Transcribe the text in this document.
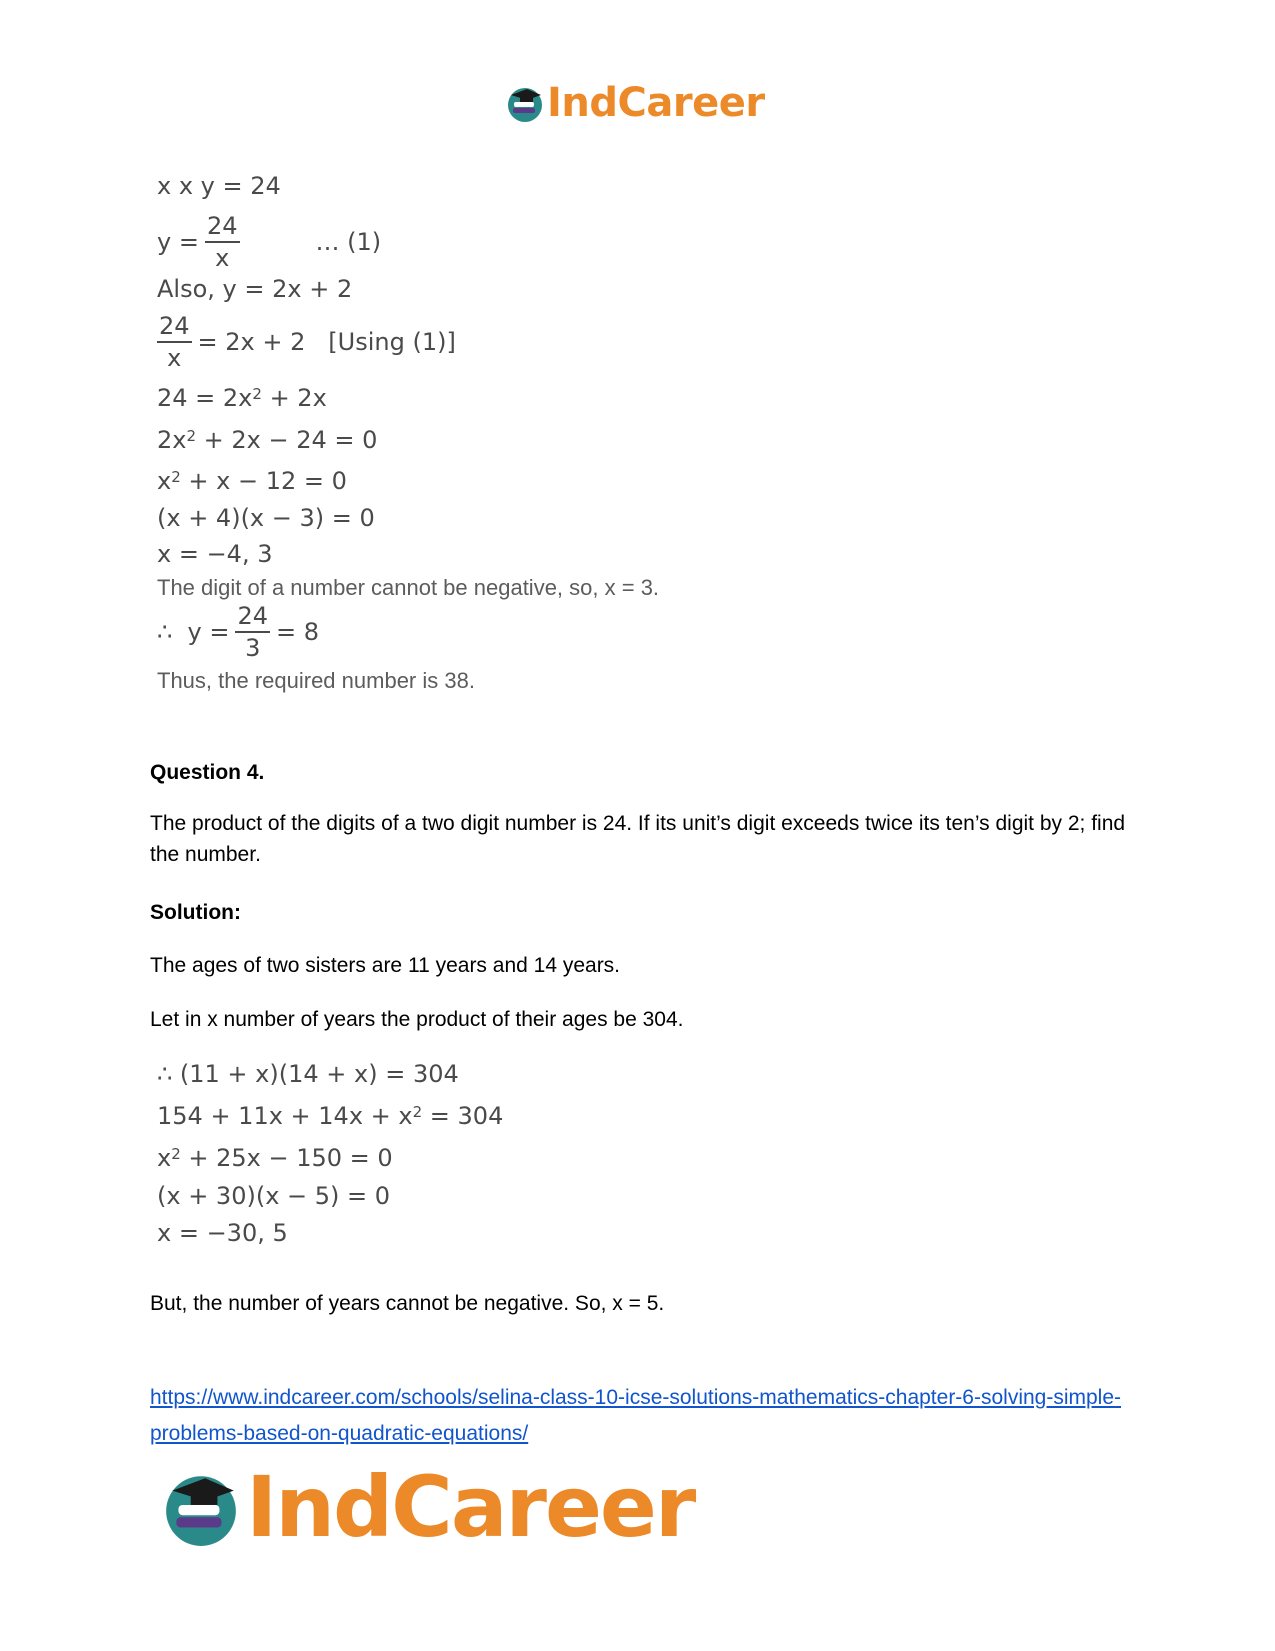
IndCareer
x x y = 24
$y = \frac{24}{x}$	… (1)
Also, y = 2x + 2
$\frac{24}{x} = 2x + 2$   [Using (1)]
$24 = 2x^2 + 2x$
$2x^2 + 2x - 24 = 0$
$x^2 + x - 12 = 0$
(x + 4)(x − 3) = 0
x = −4, 3
The digit of a number cannot be negative, so, x = 3.
∴  $y = \frac{24}{3} = 8$
Thus, the required number is 38.

Question 4.

The product of the digits of a two digit number is 24. If its unit’s digit exceeds twice its ten’s digit by 2; find the number.

Solution:

The ages of two sisters are 11 years and 14 years.

Let in x number of years the product of their ages be 304.

∴ (11 + x)(14 + x) = 304
$154 + 11x + 14x + x^2 = 304$
$x^2 + 25x - 150 = 0$
(x + 30)(x − 5) = 0
x = −30, 5

But, the number of years cannot be negative. So, x = 5.

https://www.indcareer.com/schools/selina-class-10-icse-solutions-mathematics-chapter-6-solving-simple-problems-based-on-quadratic-equations/
IndCareer
